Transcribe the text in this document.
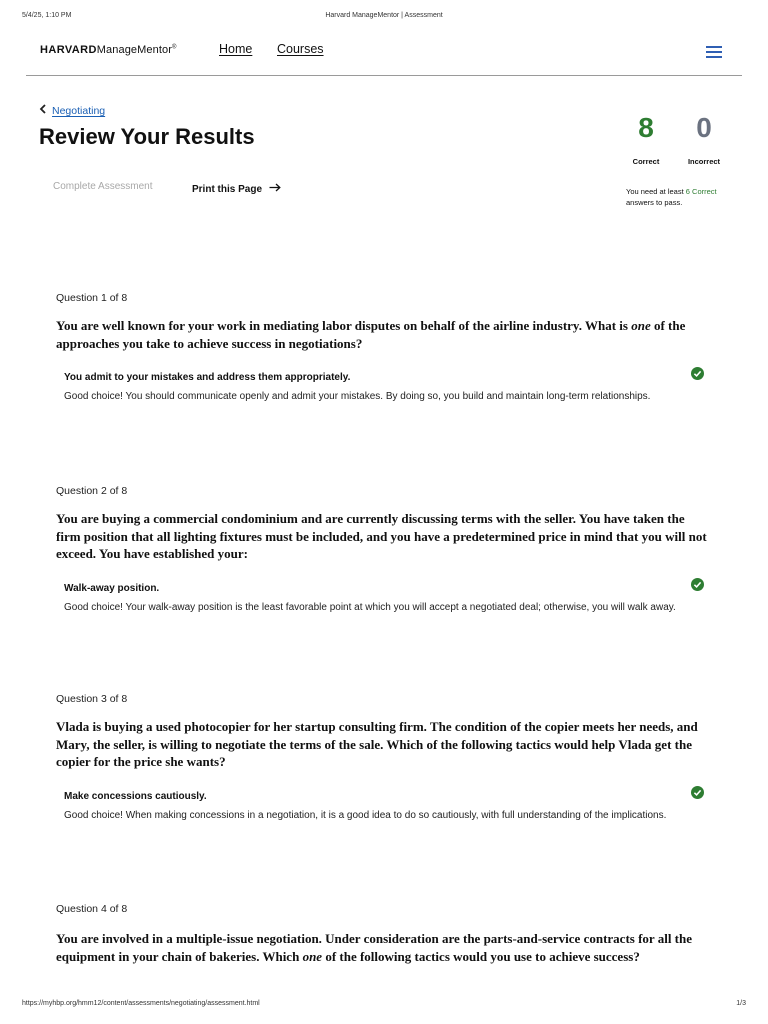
5/4/25, 1:10 PM	Harvard ManageMentor | Assessment
HARVARDManageMentor®	Home Courses
Negotiating
Review Your Results
Complete Assessment	Print this Page
8
Correct
0
Incorrect
You need at least 6 Correct answers to pass.
Question 1 of 8
You are well known for your work in mediating labor disputes on behalf of the airline industry. What is one of the approaches you take to achieve success in negotiations?
You admit to your mistakes and address them appropriately.
Good choice! You should communicate openly and admit your mistakes. By doing so, you build and maintain long-term relationships.
Question 2 of 8
You are buying a commercial condominium and are currently discussing terms with the seller. You have taken the firm position that all lighting fixtures must be included, and you have a predetermined price in mind that you will not exceed. You have established your:
Walk-away position.
Good choice! Your walk-away position is the least favorable point at which you will accept a negotiated deal; otherwise, you will walk away.
Question 3 of 8
Vlada is buying a used photocopier for her startup consulting firm. The condition of the copier meets her needs, and Mary, the seller, is willing to negotiate the terms of the sale. Which of the following tactics would help Vlada get the copier for the price she wants?
Make concessions cautiously.
Good choice! When making concessions in a negotiation, it is a good idea to do so cautiously, with full understanding of the implications.
Question 4 of 8
You are involved in a multiple-issue negotiation. Under consideration are the parts-and-service contracts for all the equipment in your chain of bakeries. Which one of the following tactics would you use to achieve success?
https://myhbp.org/hmm12/content/assessments/negotiating/assessment.html	1/3
